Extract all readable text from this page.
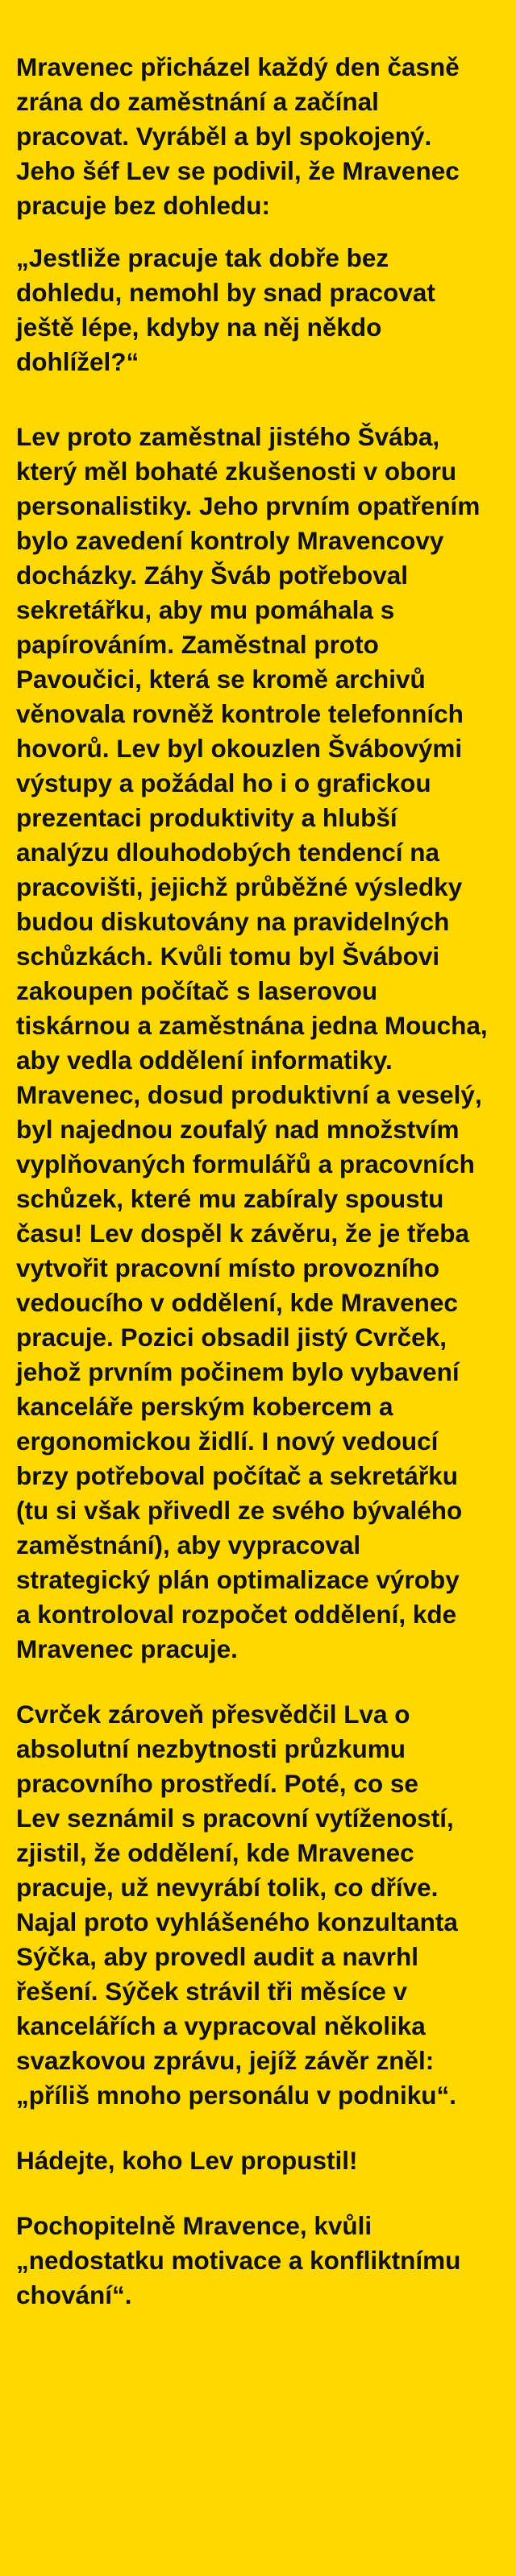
Mravenec přicházel každý den časně
zrána do zaměstnání a začínal
pracovat. Vyráběl a byl spokojený.
Jeho šéf Lev se podivil, že Mravenec
pracuje bez dohledu:

„Jestliže pracuje tak dobře bez
dohledu, nemohl by snad pracovat
ještě lépe, kdyby na něj někdo
dohlížel?“

Lev proto zaměstnal jistého Švába,
který měl bohaté zkušenosti v oboru
personalistiky. Jeho prvním opatřením
bylo zavedení kontroly Mravencovy
docházky. Záhy Šváb potřeboval
sekretářku, aby mu pomáhala s
papírováním. Zaměstnal proto
Pavoučici, která se kromě archivů
věnovala rovněž kontrole telefonních
hovorů. Lev byl okouzlen Švábovými
výstupy a požádal ho i o grafickou
prezentaci produktivity a hlubší
analýzu dlouhodobých tendencí na
pracovišti, jejichž průběžné výsledky
budou diskutovány na pravidelných
schůzkách. Kvůli tomu byl Švábovi
zakoupen počítač s laserovou
tiskárnou a zaměstnána jedna Moucha,
aby vedla oddělení informatiky.
Mravenec, dosud produktivní a veselý,
byl najednou zoufalý nad množstvím
vyplňovaných formulářů a pracovních
schůzek, které mu zabíraly spoustu
času! Lev dospěl k závěru, že je třeba
vytvořit pracovní místo provozního
vedoucího v oddělení, kde Mravenec
pracuje. Pozici obsadil jistý Cvrček,
jehož prvním počinem bylo vybavení
kanceláře perským kobercem a
ergonomickou židlí. I nový vedoucí
brzy potřeboval počítač a sekretářku
(tu si však přivedl ze svého bývalého
zaměstnání), aby vypracoval
strategický plán optimalizace výroby
a kontroloval rozpočet oddělení, kde
Mravenec pracuje.

Cvrček zároveň přesvědčil Lva o
absolutní nezbytnosti průzkumu
pracovního prostředí. Poté, co se
Lev seznámil s pracovní vytížeností,
zjistil, že oddělení, kde Mravenec
pracuje, už nevyrábí tolik, co dříve.
Najal proto vyhlášeného konzultanta
Sýčka, aby provedl audit a navrhl
řešení. Sýček strávil tři měsíce v
kancelářích a vypracoval několika
svazkovou zprávu, jejíž závěr zněl:
„příliš mnoho personálu v podniku“.

Hádejte, koho Lev propustil!

Pochopitelně Mravence, kvůli
„nedostatku motivace a konfliktnímu
chování“.
